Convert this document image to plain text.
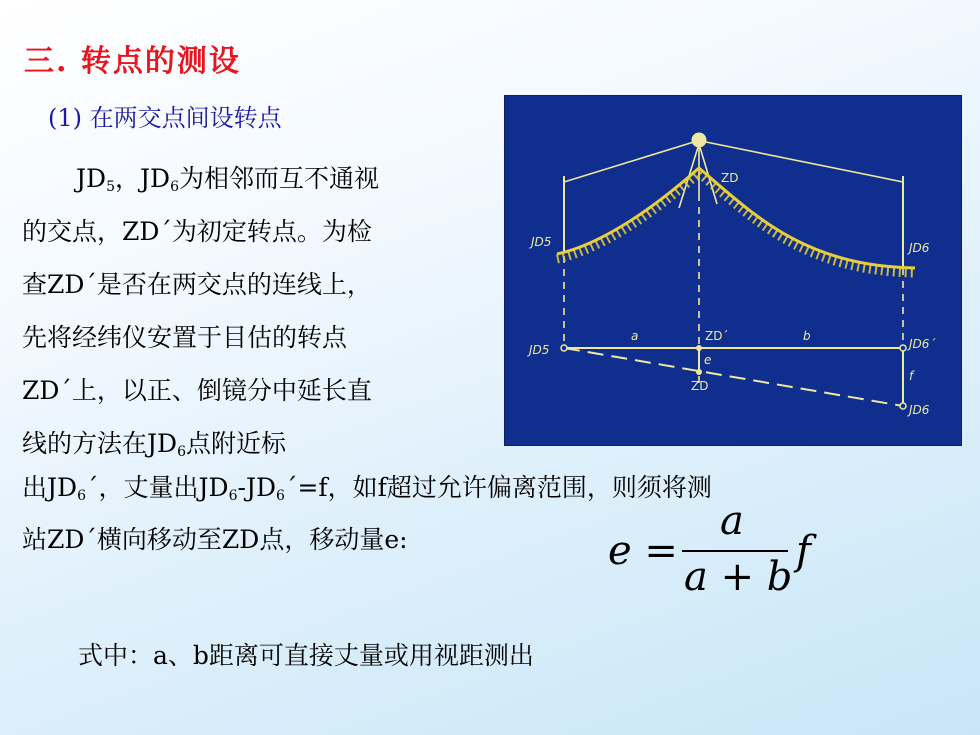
三. 转点的测设
(1) 在两交点间设转点
$JD_5$，$JD_6$为相邻而互不通视
的交点，ZD´为初定转点。为检
查ZD´是否在两交点的连线上，
先将经纬仪安置于目估的转点
ZD´上，以正、倒镜分中延长直
线的方法在$JD_6$点附近标
ZD
JD5	JD6
JD5
a	ZD´	b
JD6´
e
ZD
f
JD6
出$JD_6´$，丈量出$JD_6-JD_6´=f$，如f超过允许偏离范围，则须将测
站ZD´横向移动至ZD点，移动量e:	e =
a
a + b
f
式中：a、b距离可直接丈量或用视距测出
